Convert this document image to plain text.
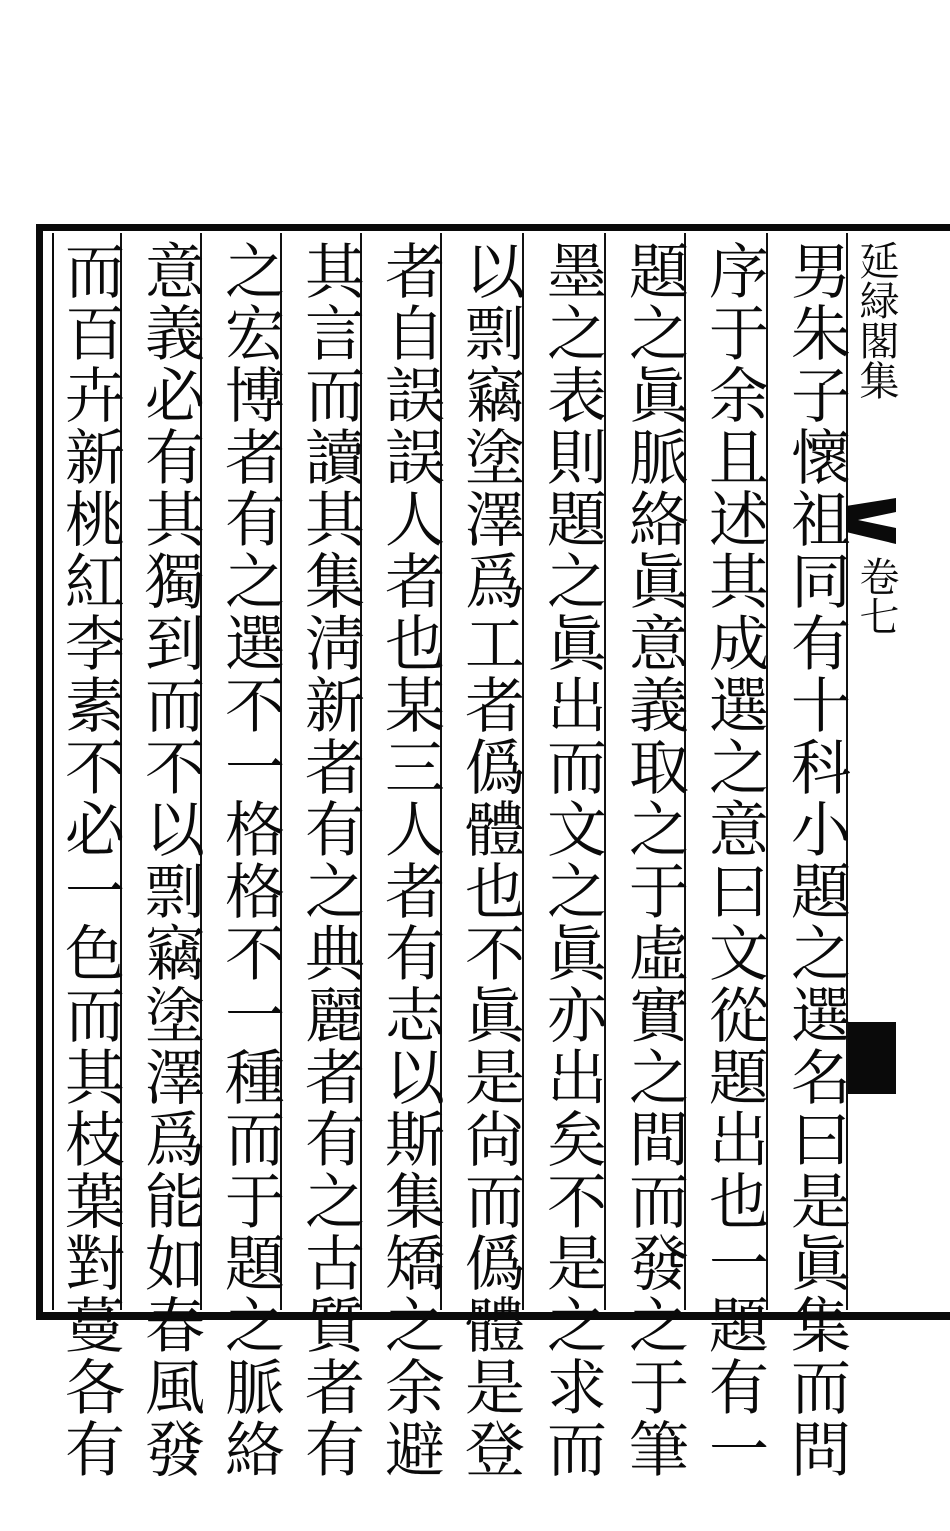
延緑閣集
卷七
男朱子懷祖同有十科小題之選名曰是眞集而問
序于余且述其成選之意曰文從題出也一題有一
題之眞脈絡眞意義取之于虛實之間而發之于筆
墨之表則題之眞出而文之眞亦出矣不是之求而
以剽竊塗澤爲工者僞體也不眞是尙而僞體是登
者自誤誤人者也某三人者有志以斯集矯之余避
其言而讀其集淸新者有之典麗者有之古質者有
之宏博者有之選不一格格不一種而于題之脈絡
意義必有其獨到而不以剽竊塗澤爲能如春風發
而百卉新桃紅李素不必一色而其枝葉對蔓各有
